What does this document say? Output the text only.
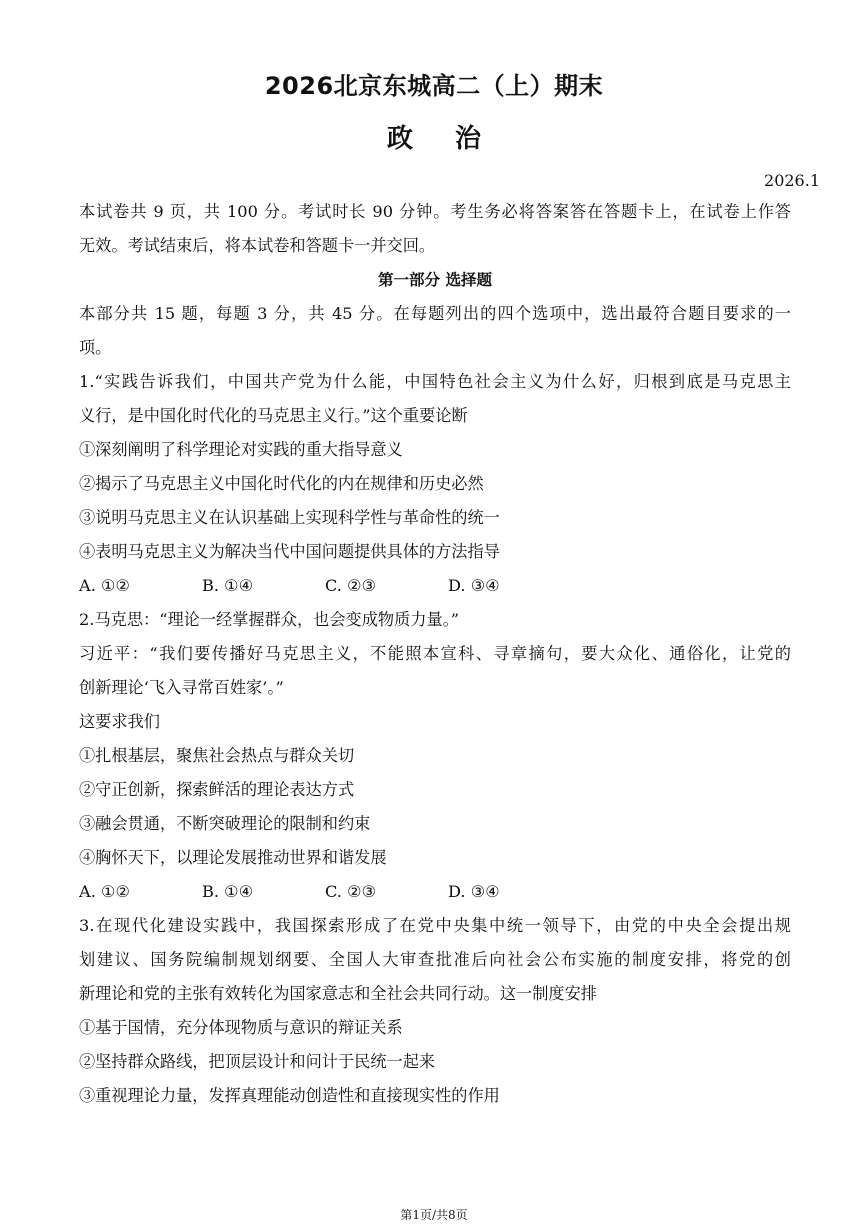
2026北京东城高二（上）期末
政治
2026.1
本试卷共 9 页，共 100 分。考试时长 90 分钟。考生务必将答案答在答题卡上，在试卷上作答
无效。考试结束后，将本试卷和答题卡一并交回。
第一部分 选择题
本部分共 15 题，每题 3 分，共 45 分。在每题列出的四个选项中，选出最符合题目要求的一
项。
1.“实践告诉我们，中国共产党为什么能，中国特色社会主义为什么好，归根到底是马克思主
义行，是中国化时代化的马克思主义行。”这个重要论断
①深刻阐明了科学理论对实践的重大指导意义
②揭示了马克思主义中国化时代化的内在规律和历史必然
③说明马克思主义在认识基础上实现科学性与革命性的统一
④表明马克思主义为解决当代中国问题提供具体的方法指导
A. ①②	B. ①④	C. ②③	D. ③④
2.马克思：“理论一经掌握群众，也会变成物质力量。”
习近平：“我们要传播好马克思主义，不能照本宣科、寻章摘句，要大众化、通俗化，让党的
创新理论‘飞入寻常百姓家’。”
这要求我们
①扎根基层，聚焦社会热点与群众关切
②守正创新，探索鲜活的理论表达方式
③融会贯通，不断突破理论的限制和约束
④胸怀天下，以理论发展推动世界和谐发展
A. ①②	B. ①④	C. ②③	D. ③④
3.在现代化建设实践中，我国探索形成了在党中央集中统一领导下，由党的中央全会提出规
划建议、国务院编制规划纲要、全国人大审查批准后向社会公布实施的制度安排，将党的创
新理论和党的主张有效转化为国家意志和全社会共同行动。这一制度安排
①基于国情，充分体现物质与意识的辩证关系
②坚持群众路线，把顶层设计和问计于民统一起来
③重视理论力量，发挥真理能动创造性和直接现实性的作用
第1页/共8页
